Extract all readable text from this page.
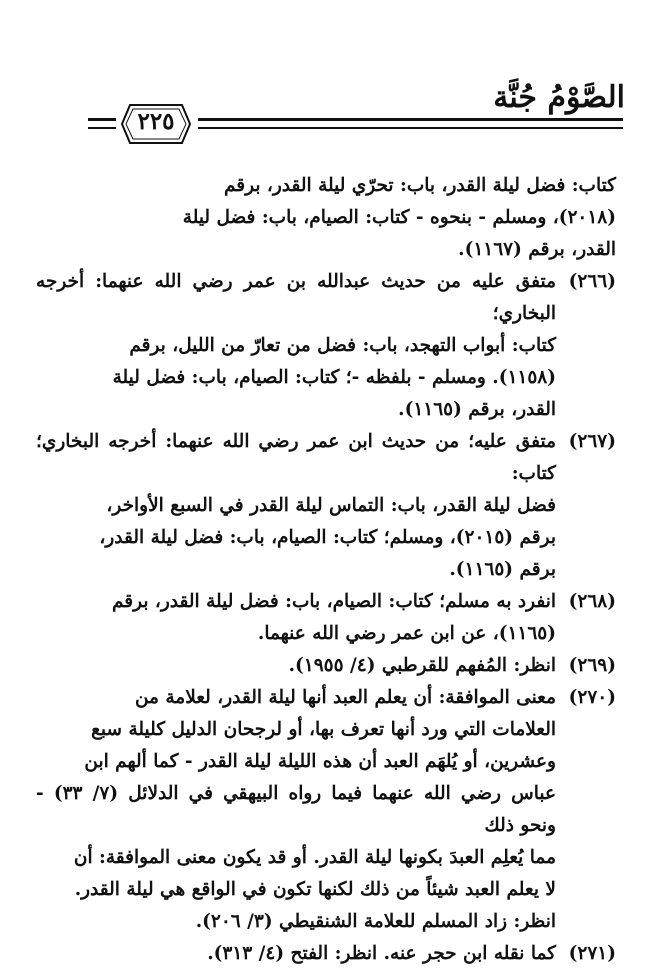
الصَّوْمُ جُنَّة
٢٢٥
كتاب: فضل ليلة القدر، باب: تحرّي ليلة القدر، برقم
(٢٠١٨)، ومسلم - بنحوه - كتاب: الصيام، باب: فضل ليلة
القدر، برقم (١١٦٧).
(٢٦٦)
متفق عليه من حديث عبدالله بن عمر رضي الله عنهما: أخرجه البخاري؛
كتاب: أبواب التهجد، باب: فضل من تعارّ من الليل، برقم
(١١٥٨). ومسلم - بلفظه -؛ كتاب: الصيام، باب: فضل ليلة
القدر، برقم (١١٦٥).
(٢٦٧)
متفق عليه؛ من حديث ابن عمر رضي الله عنهما: أخرجه البخاري؛ كتاب:
فضل ليلة القدر، باب: التماس ليلة القدر في السبع الأواخر،
برقم (٢٠١٥)، ومسلم؛ كتاب: الصيام، باب: فضل ليلة القدر،
برقم (١١٦٥).
(٢٦٨)
انفرد به مسلم؛ كتاب: الصيام، باب: فضل ليلة القدر، برقم
(١١٦٥)، عن ابن عمر رضي الله عنهما.
(٢٦٩)
انظر: المُفهم للقرطبي (٤/ ١٩٥٥).
(٢٧٠)
معنى الموافقة: أن يعلم العبد أنها ليلة القدر، لعلامة من
العلامات التي ورد أنها تعرف بها، أو لرجحان الدليل كليلة سبع
وعشرين، أو يُلهَم العبد أن هذه الليلة ليلة القدر - كما ألهم ابن
عباس رضي الله عنهما فيما رواه البيهقي في الدلائل (٧/ ٣٣) - ونحو ذلك
مما يُعلِم العبدَ بكونها ليلة القدر. أو قد يكون معنى الموافقة: أن
لا يعلم العبد شيئاً من ذلك لكنها تكون في الواقع هي ليلة القدر.
انظر: زاد المسلم للعلامة الشنقيطي (٣/ ٢٠٦).
(٢٧١)
كما نقله ابن حجر عنه. انظر: الفتح (٤/ ٣١٣).
